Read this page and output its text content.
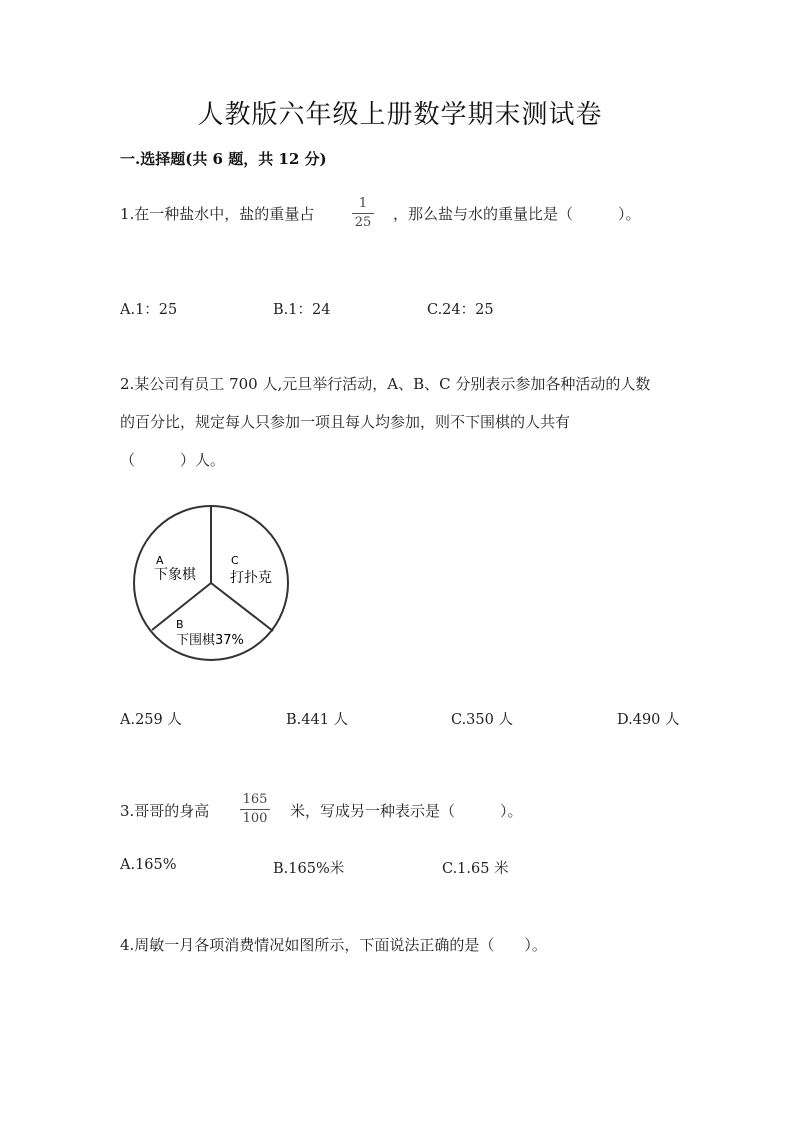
人教版六年级上册数学期末测试卷
一.选择题(共 6 题，共 12 分)
1.在一种盐水中，盐的重量占
1
25 ，那么盐与水的重量比是（　　　）。
A.1：25	B.1：24	C.24：25
2.某公司有员工 700 人,元旦举行活动，A、B、C 分别表示参加各种活动的人数
的百分比，规定每人只参加一项且每人均参加，则不下围棋的人共有
（　　　）人。
A
下象棋
C
打扑克
B
下围棋37%
A.259 人	B.441 人	C.350 人	D.490 人
3.哥哥的身高
165
100 米，写成另一种表示是（　　　）。
A.165%	B.165%米	C.1.65 米
4.周敏一月各项消费情况如图所示，下面说法正确的是（　　）。
